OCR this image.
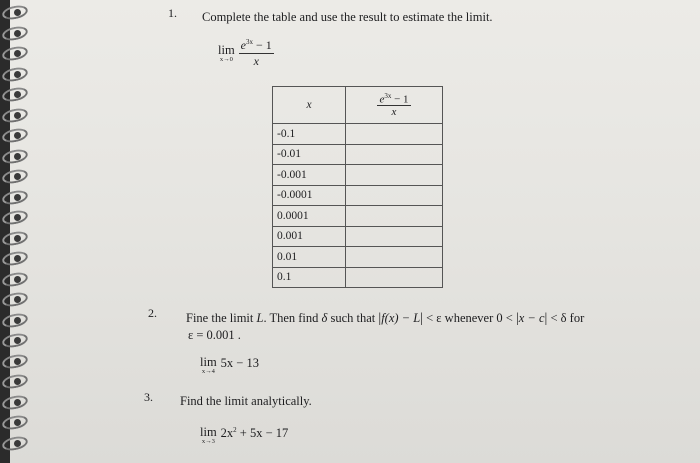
1. Complete the table and use the result to estimate the limit.
lim
x→0
$\frac{e^{3x} - 1}{x}$
x	$\frac{e^{3x} - 1}{x}$

-0.1	
-0.01	
-0.001	
-0.0001	
0.0001	
0.001	
0.01	
0.1	
2. Fine the limit L. Then find δ such that |f(x) − L| < ε whenever 0 < |x − c| < δ for
ε = 0.001 .
lim
x→4
$^{5x - 13}$
3. Find the limit analytically.
lim
x→3
$^{2x^2 + 5x - 17}$
